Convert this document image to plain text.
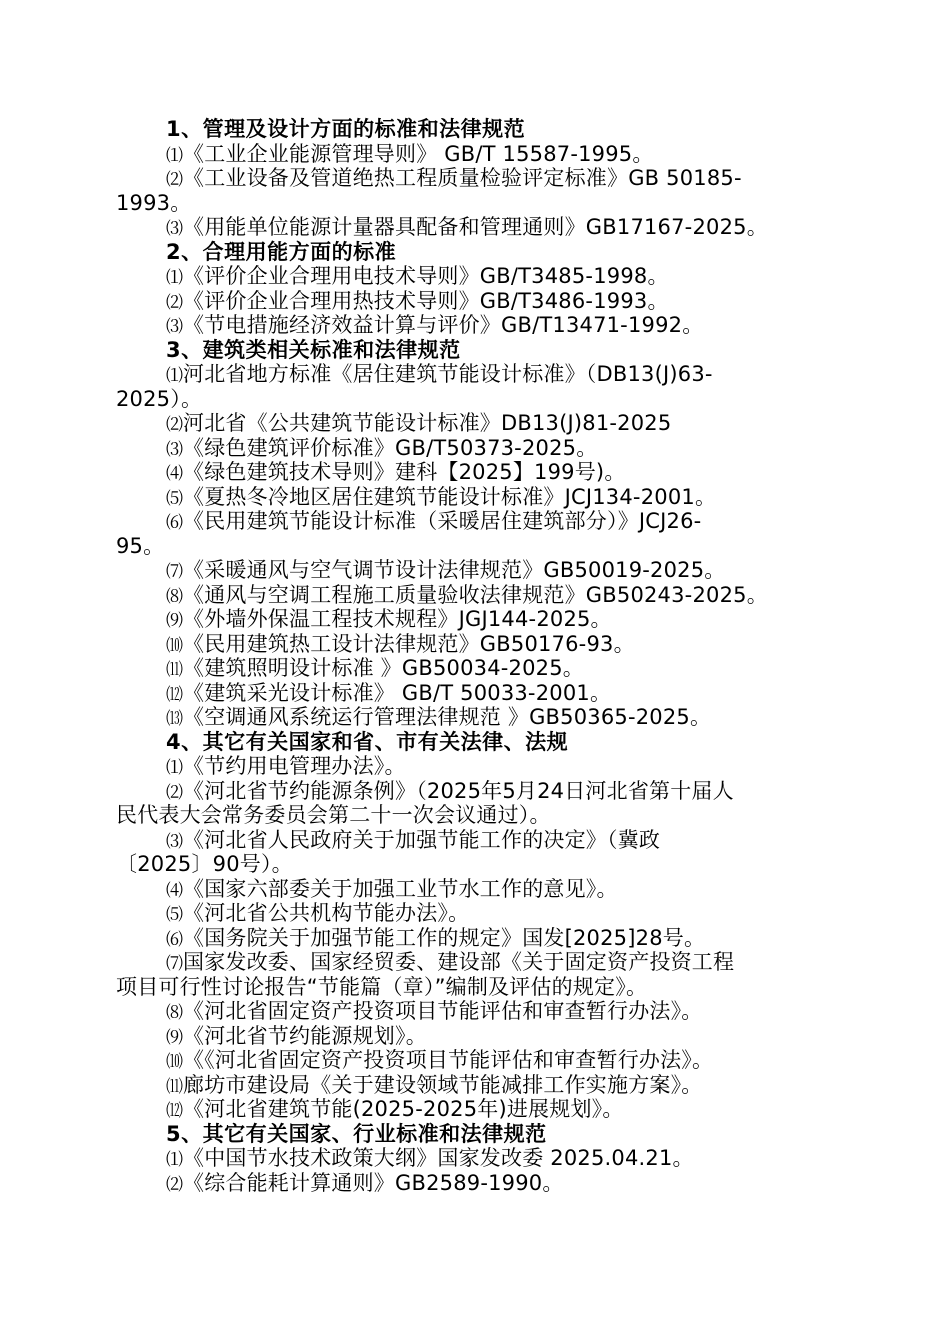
1、管理及设计方面的标准和法律规范
⑴《工业企业能源管理导则》 GB/T 15587-1995。
⑵《工业设备及管道绝热工程质量检验评定标准》GB 50185-
1993。
⑶《用能单位能源计量器具配备和管理通则》GB17167-2025。
2、合理用能方面的标准
⑴《评价企业合理用电技术导则》GB/T3485-1998。
⑵《评价企业合理用热技术导则》GB/T3486-1993。
⑶《节电措施经济效益计算与评价》GB/T13471-1992。
3、建筑类相关标准和法律规范
⑴河北省地方标准《居住建筑节能设计标准》（DB13(J)63-
2025）。
⑵河北省《公共建筑节能设计标准》DB13(J)81-2025
⑶《绿色建筑评价标准》GB/T50373-2025。
⑷《绿色建筑技术导则》建科【2025】199号)。
⑸《夏热冬冷地区居住建筑节能设计标准》JCJ134-2001。
⑹《民用建筑节能设计标准（采暖居住建筑部分）》JCJ26-
95。
⑺《采暖通风与空气调节设计法律规范》GB50019-2025。
⑻《通风与空调工程施工质量验收法律规范》GB50243-2025。
⑼《外墙外保温工程技术规程》JGJ144-2025。
⑽《民用建筑热工设计法律规范》GB50176-93。
⑾《建筑照明设计标准 》GB50034-2025。
⑿《建筑采光设计标准》 GB/T 50033-2001。
⒀《空调通风系统运行管理法律规范 》GB50365-2025。
4、其它有关国家和省、市有关法律、法规
⑴《节约用电管理办法》。
⑵《河北省节约能源条例》（2025年5月24日河北省第十届人
民代表大会常务委员会第二十一次会议通过）。
⑶《河北省人民政府关于加强节能工作的决定》（冀政
〔2025〕90号）。
⑷《国家六部委关于加强工业节水工作的意见》。
⑸《河北省公共机构节能办法》。
⑹《国务院关于加强节能工作的规定》国发[2025]28号。
⑺国家发改委、国家经贸委、建设部《关于固定资产投资工程
项目可行性讨论报告“节能篇（章）”编制及评估的规定》。
⑻《河北省固定资产投资项目节能评估和审查暂行办法》。
⑼《河北省节约能源规划》。
⑽《《河北省固定资产投资项目节能评估和审查暂行办法》。
⑾廊坊市建设局《关于建设领域节能减排工作实施方案》。
⑿《河北省建筑节能(2025-2025年)进展规划》。
5、其它有关国家、行业标准和法律规范
⑴《中国节水技术政策大纲》国家发改委 2025.04.21。
⑵《综合能耗计算通则》GB2589-1990。
